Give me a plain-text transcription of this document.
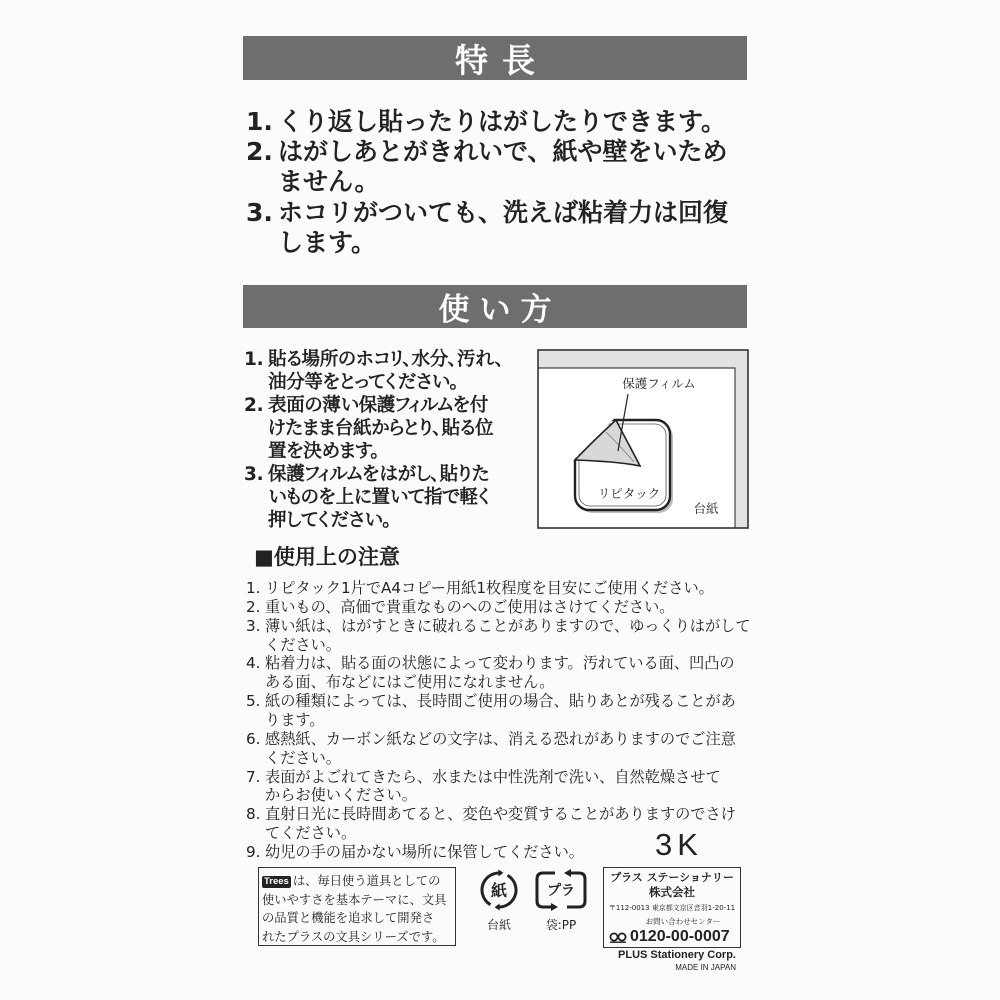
特長
1. くり返し貼ったりはがしたりできます。
2. はがしあとがきれいで、紙や壁をいため
ません。
3. ホコリがついても、洗えば粘着力は回復
します。
使い方
1. 貼る場所のホコリ、水分、汚れ、
油分等をとってください。
2. 表面の薄い保護フィルムを付
けたまま台紙からとり、貼る位
置を決めます。
3. 保護フィルムをはがし、貼りた
いものを上に置いて指で軽く
押してください。
保護フィルム
リピタック
台紙
■使用上の注意
1. リピタック1片でA4コピー用紙1枚程度を目安にご使用ください。
2. 重いもの、高価で貴重なものへのご使用はさけてください。
3. 薄い紙は、はがすときに破れることがありますので、ゆっくりはがして
ください。
4. 粘着力は、貼る面の状態によって変わります。汚れている面、凹凸の
ある面、布などにはご使用になれません。
5. 紙の種類によっては、長時間ご使用の場合、貼りあとが残ることがあ
ります。
6. 感熱紙、カーボン紙などの文字は、消える恐れがありますのでご注意
ください。
7. 表面がよごれてきたら、水または中性洗剤で洗い、自然乾燥させて
からお使いください。
8. 直射日光に長時間あてると、変色や変質することがありますのでさけ
てください。
9. 幼児の手の届かない場所に保管してください。 3K
Trees は、毎日使う道具としての
使いやすさを基本テーマに、文具
の品質と機能を追求して開発さ
れたプラスの文具シリーズです。
紙
台紙
プラ
袋:PP
プラス ステーショナリー
株式会社
〒112-0013 東京都文京区音羽1-20-11
お問い合わせセンター
0120-00-0007
PLUS Stationery Corp.
MADE IN JAPAN
